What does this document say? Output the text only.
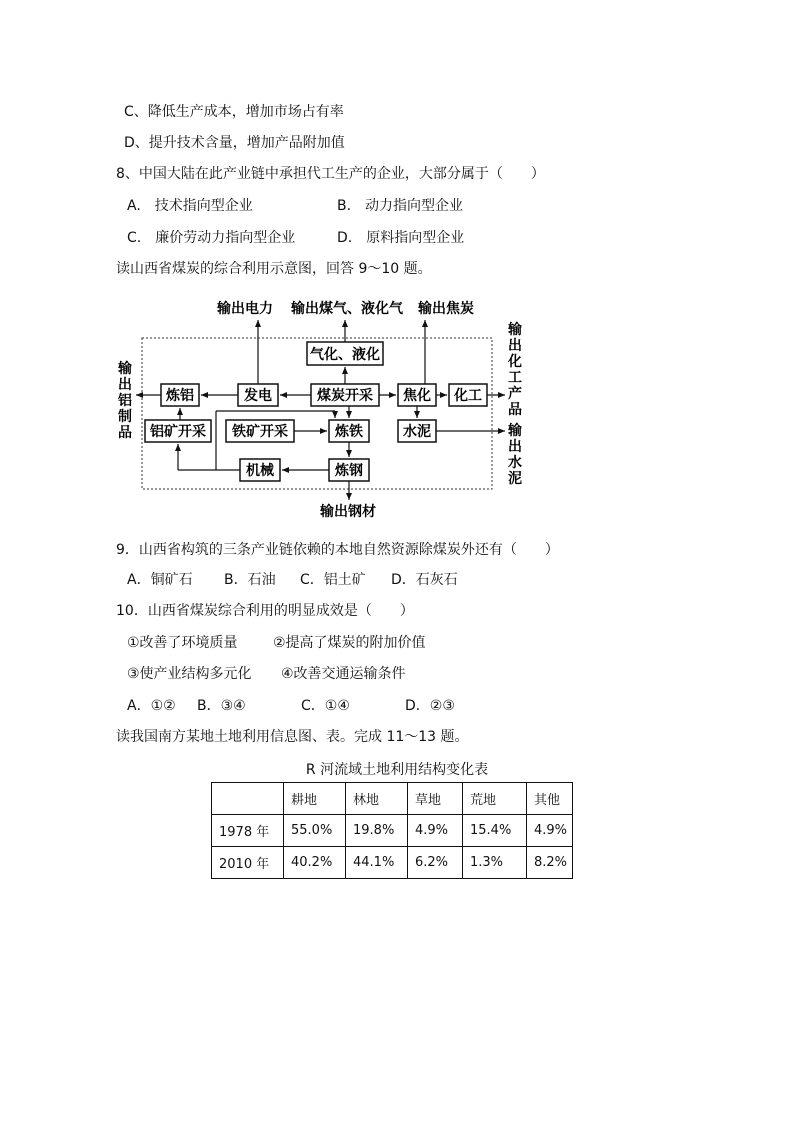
C、降低生产成本，增加市场占有率
D、提升技术含量，增加产品附加值
8、中国大陆在此产业链中承担代工生产的企业，大部分属于（　　）
A.　技术指向型企业	B.　动力指向型企业
C.　廉价劳动力指向型企业	D.　原料指向型企业
读山西省煤炭的综合利用示意图，回答 9～10 题。
输出电力 输出煤气、液化气 输出焦炭
输
出
铝
制
品
输
出
化
工
产
品
输
出
水
泥
输出钢材
气化、液化
炼铝	发电	煤炭开采 焦化 化工
铝矿开采 铁矿开采	炼铁	水泥
机械	炼钢
9．山西省构筑的三条产业链依赖的本地自然资源除煤炭外还有（　　）
A．铜矿石 B．石油 C．铝土矿 D．石灰石
10．山西省煤炭综合利用的明显成效是（　　）
①改善了环境质量	②提高了煤炭的附加价值
③使产业结构多元化 ④改善交通运输条件
A．①② B．③④	C．①④	D．②③
读我国南方某地土地利用信息图、表。完成 11～13 题。
R 河流域土地利用结构变化表
	耕地	林地	草地	荒地	其他
1978 年	55.0%	19.8%	4.9%	15.4%	4.9%
2010 年	40.2%	44.1%	6.2%	1.3%	8.2%
